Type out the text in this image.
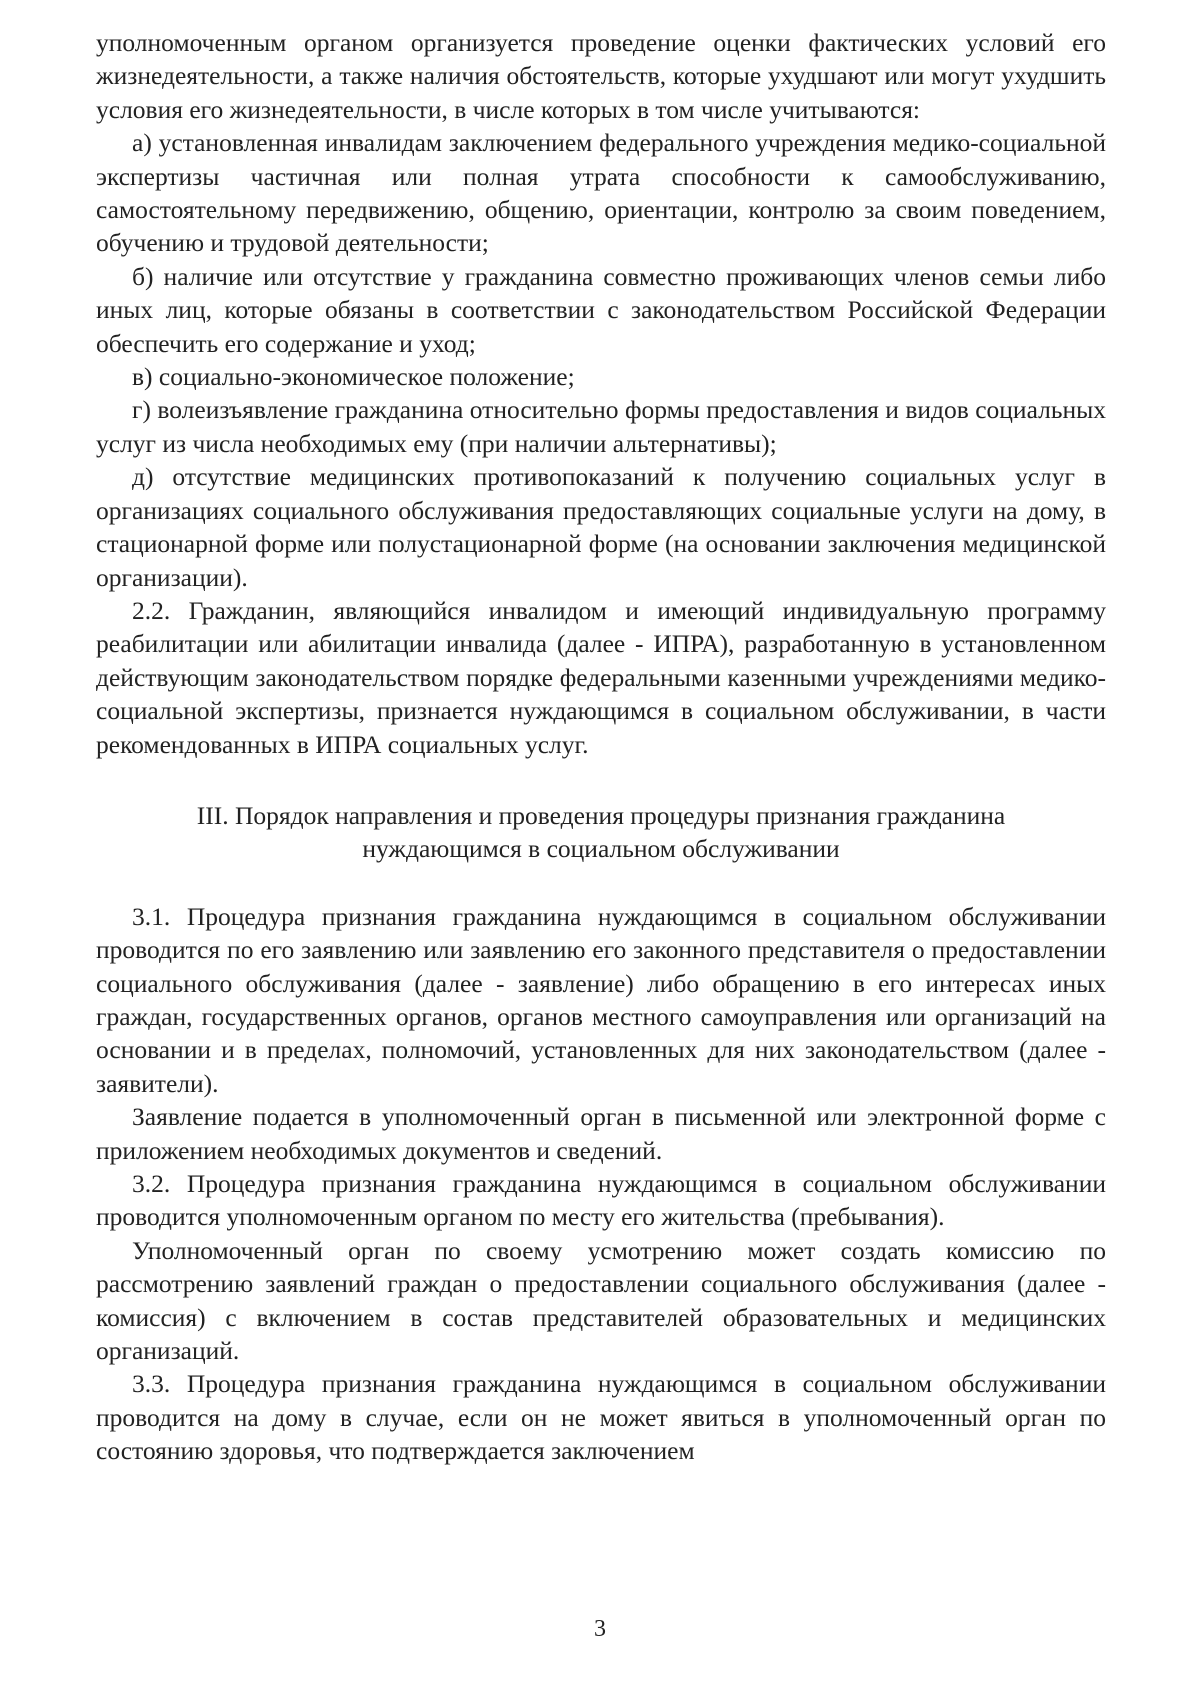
уполномоченным органом организуется проведение оценки фактических условий его жизнедеятельности, а также наличия обстоятельств, которые ухудшают или могут ухудшить условия его жизнедеятельности, в числе которых в том числе учитываются:

а) установленная инвалидам заключением федерального учреждения медико-социальной экспертизы частичная или полная утрата способности к самообслуживанию, самостоятельному передвижению, общению, ориентации, контролю за своим поведением, обучению и трудовой деятельности;

б) наличие или отсутствие у гражданина совместно проживающих членов семьи либо иных лиц, которые обязаны в соответствии с законодательством Российской Федерации обеспечить его содержание и уход;

в) социально-экономическое положение;

г) волеизъявление гражданина относительно формы предоставления и видов социальных услуг из числа необходимых ему (при наличии альтернативы);

д) отсутствие медицинских противопоказаний к получению социальных услуг в организациях социального обслуживания предоставляющих социальные услуги на дому, в стационарной форме или полустационарной форме (на основании заключения медицинской организации).

2.2. Гражданин, являющийся инвалидом и имеющий индивидуальную программу реабилитации или абилитации инвалида (далее - ИПРА), разработанную в установленном действующим законодательством порядке федеральными казенными учреждениями медико-социальной экспертизы, признается нуждающимся в социальном обслуживании, в части рекомендованных в ИПРА социальных услуг.

III. Порядок направления и проведения процедуры признания гражданина
нуждающимся в социальном обслуживании

3.1. Процедура признания гражданина нуждающимся в социальном обслуживании проводится по его заявлению или заявлению его законного представителя о предоставлении социального обслуживания (далее - заявление) либо обращению в его интересах иных граждан, государственных органов, органов местного самоуправления или организаций на основании и в пределах, полномочий, установленных для них законодательством (далее - заявители).

Заявление подается в уполномоченный орган в письменной или электронной форме с приложением необходимых документов и сведений.

3.2. Процедура признания гражданина нуждающимся в социальном обслуживании проводится уполномоченным органом по месту его жительства (пребывания).

Уполномоченный орган по своему усмотрению может создать комиссию по рассмотрению заявлений граждан о предоставлении социального обслуживания (далее - комиссия) с включением в состав представителей образовательных и медицинских организаций.

3.3. Процедура признания гражданина нуждающимся в социальном обслуживании проводится на дому в случае, если он не может явиться в уполномоченный орган по состоянию здоровья, что подтверждается заключением

3
